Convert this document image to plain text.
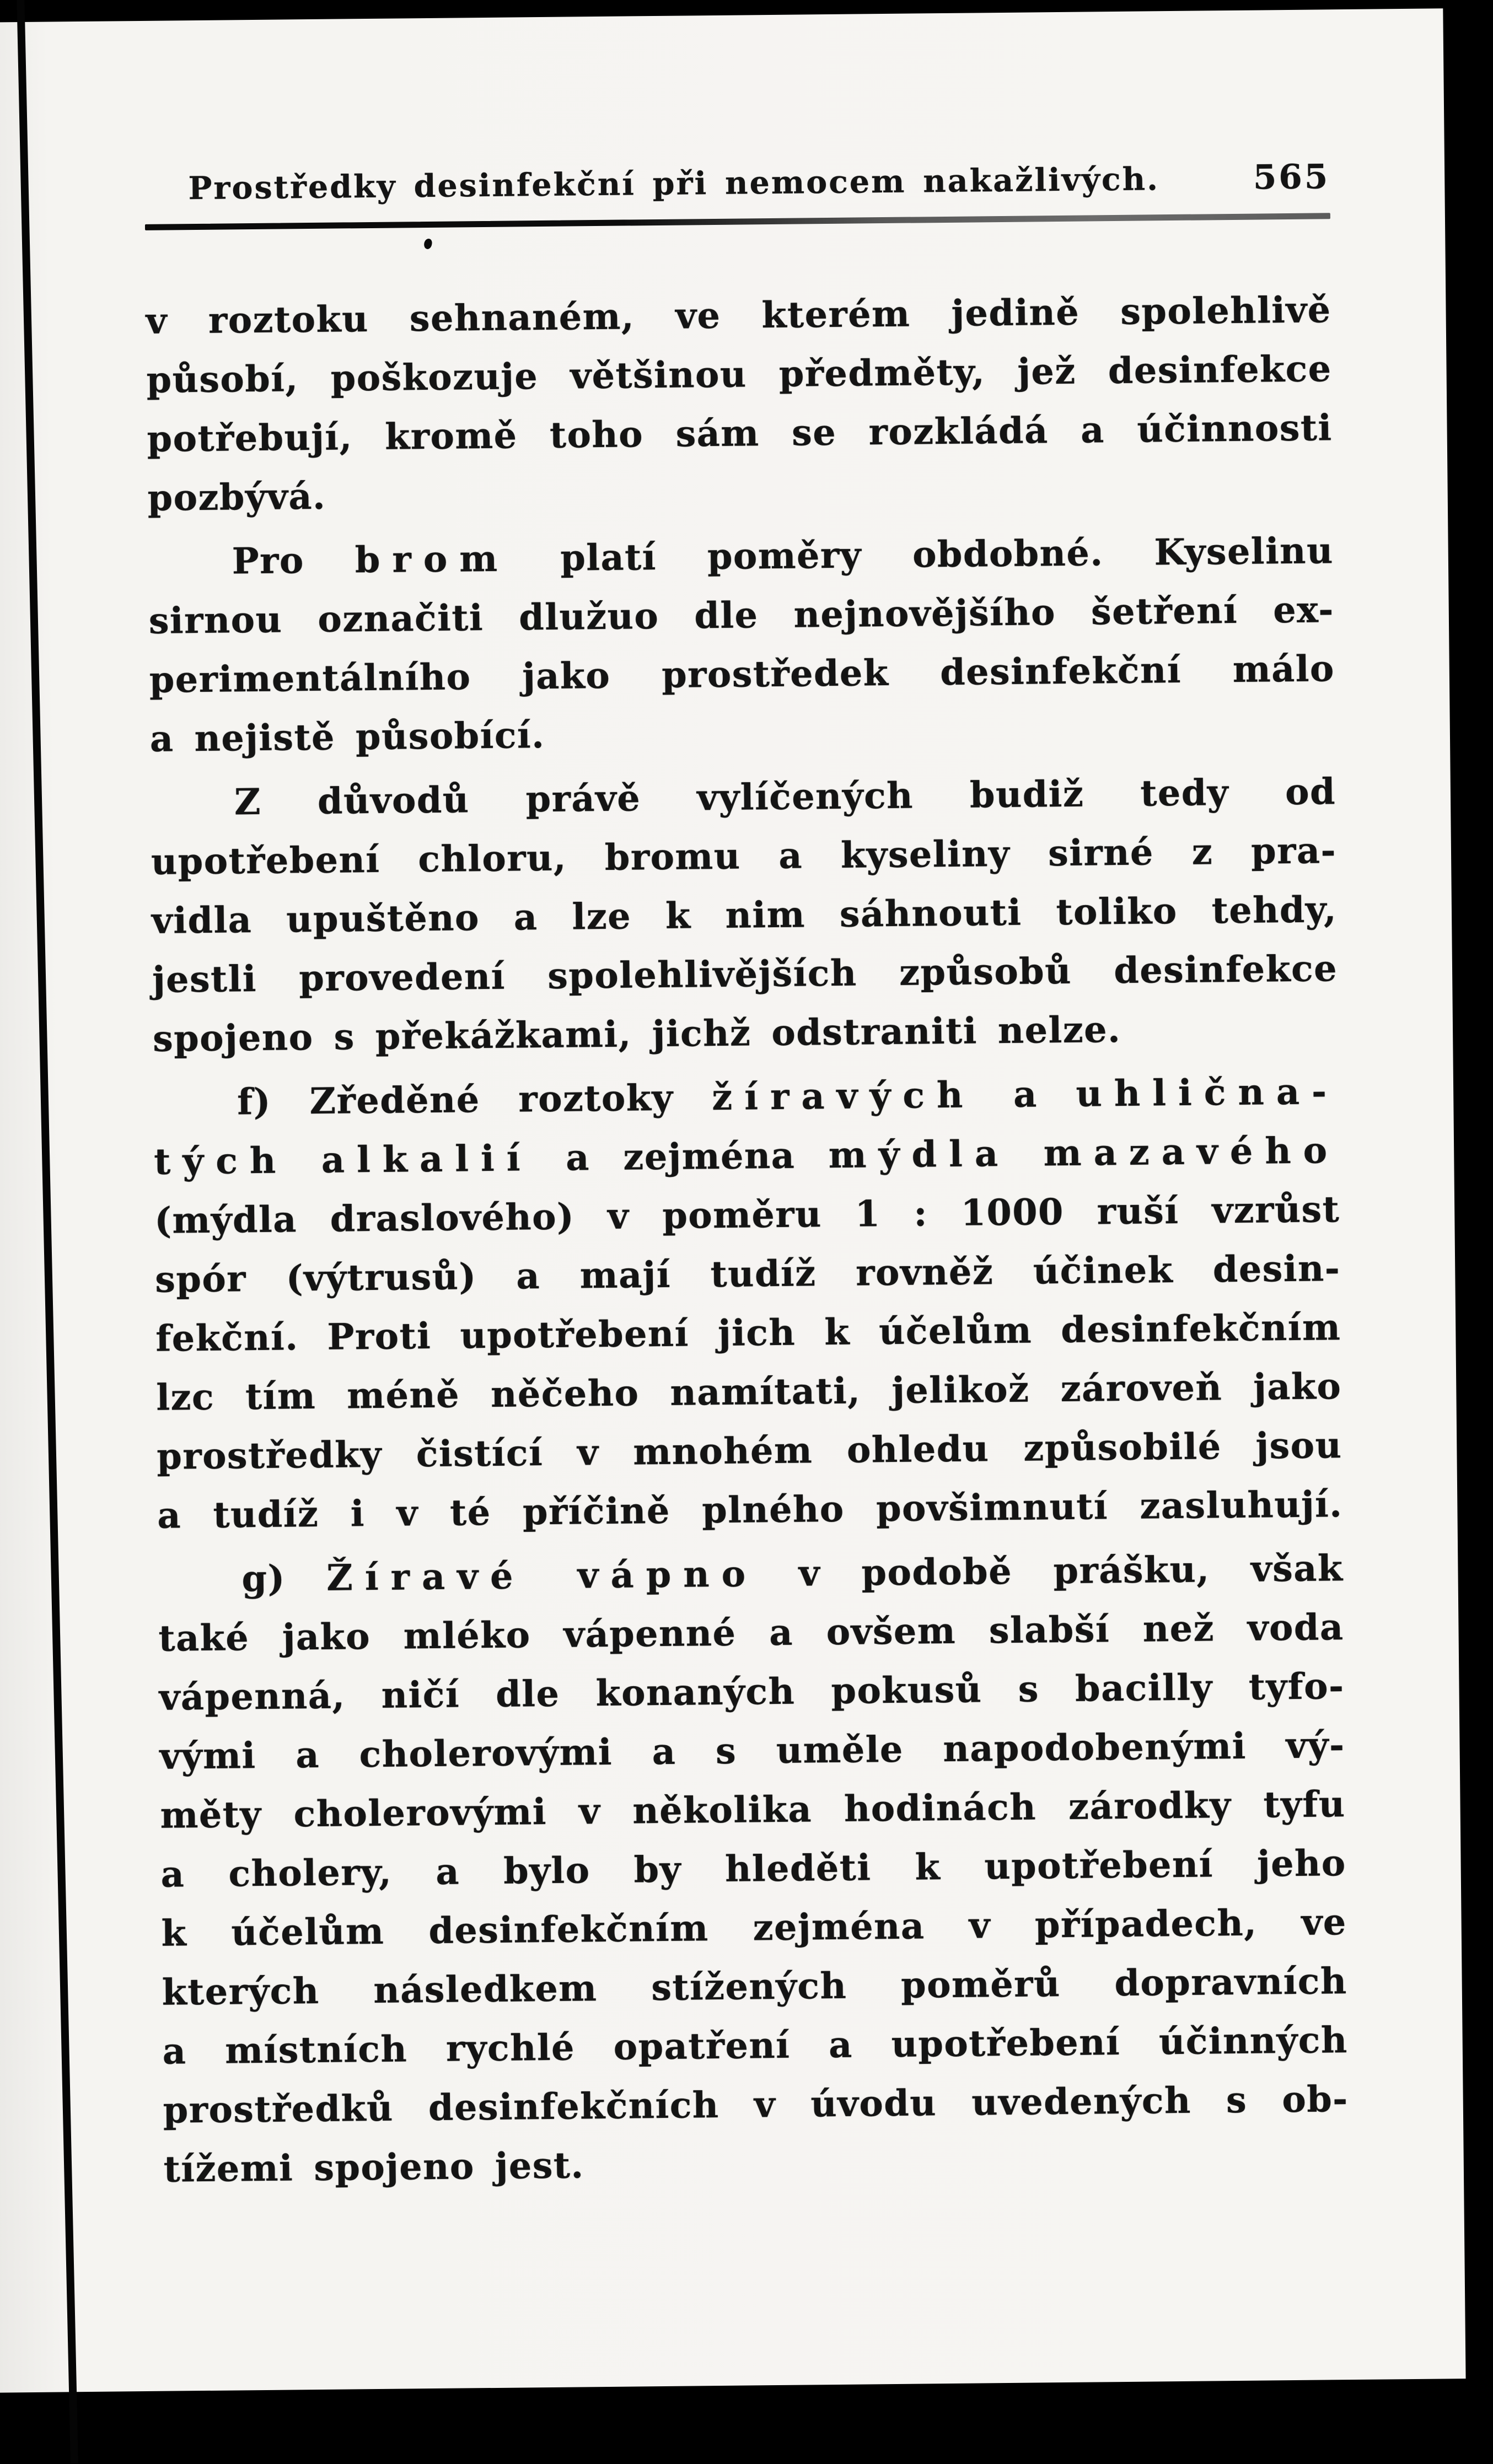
Prostředky desinfekční při nemocem nakažlivých.	565
v roztoku sehnaném, ve kterém jedině spolehlivě
působí, poškozuje většinou předměty, jež desinfekce
potřebují, kromě toho sám se rozkládá a účinnosti
pozbývá.
Pro brom platí poměry obdobné. Kyselinu
sirnou označiti dlužuo dle nejnovějšího šetření ex-
perimentálního jako prostředek desinfekční málo
a nejistě působící.
Z důvodů právě vylíčených budiž tedy od
upotřebení chloru, bromu a kyseliny sirné z pra-
vidla upuštěno a lze k nim sáhnouti toliko tehdy,
jestli provedení spolehlivějších způsobů desinfekce
spojeno s překážkami, jichž odstraniti nelze.
f) Zředěné roztoky žíravých a uhlična-
tých alkalií a zejména mýdla mazavého
(mýdla draslového) v poměru 1 : 1000 ruší vzrůst
spór (výtrusů) a mají tudíž rovněž účinek desin-
fekční. Proti upotřebení jich k účelům desinfekčním
lzc tím méně něčeho namítati, jelikož zároveň jako
prostředky čistící v mnohém ohledu způsobilé jsou
a tudíž i v té příčině plného povšimnutí zasluhují.
g) Žíravé vápno v podobě prášku, však
také jako mléko vápenné a ovšem slabší než voda
vápenná, ničí dle konaných pokusů s bacilly tyfo-
vými a cholerovými a s uměle napodobenými vý-
měty cholerovými v několika hodinách zárodky tyfu
a cholery, a bylo by hleděti k upotřebení jeho
k účelům desinfekčním zejména v případech, ve
kterých následkem stížených poměrů dopravních
a místních rychlé opatření a upotřebení účinných
prostředků desinfekčních v úvodu uvedených s ob-
tížemi spojeno jest.
